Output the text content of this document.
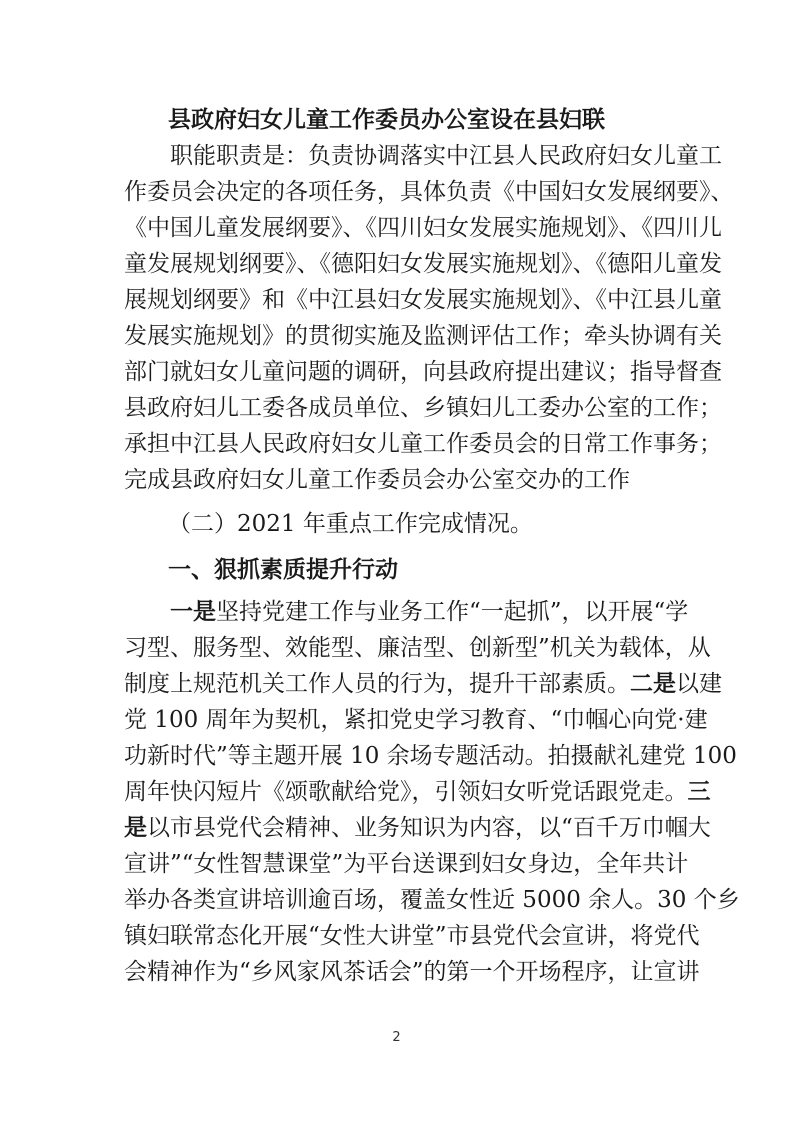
县政府妇女儿童工作委员办公室设在县妇联
职能职责是：负责协调落实中江县人民政府妇女儿童工
作委员会决定的各项任务，具体负责《中国妇女发展纲要》、
《中国儿童发展纲要》、《四川妇女发展实施规划》、《四川儿
童发展规划纲要》、《德阳妇女发展实施规划》、《德阳儿童发
展规划纲要》和《中江县妇女发展实施规划》、《中江县儿童
发展实施规划》的贯彻实施及监测评估工作；牵头协调有关
部门就妇女儿童问题的调研，向县政府提出建议；指导督查
县政府妇儿工委各成员单位、乡镇妇儿工委办公室的工作；
承担中江县人民政府妇女儿童工作委员会的日常工作事务；
完成县政府妇女儿童工作委员会办公室交办的工作
（二）2021 年重点工作完成情况。
一、狠抓素质提升行动
一是坚持党建工作与业务工作“一起抓”，以开展“学
习型、服务型、效能型、廉洁型、创新型”机关为载体，从
制度上规范机关工作人员的行为，提升干部素质。二是以建
党 100 周年为契机，紧扣党史学习教育、“巾帼心向党·建
功新时代”等主题开展 10 余场专题活动。拍摄献礼建党 100
周年快闪短片《颂歌献给党》，引领妇女听党话跟党走。三
是以市县党代会精神、业务知识为内容，以“百千万巾帼大
宣讲”“女性智慧课堂”为平台送课到妇女身边，全年共计
举办各类宣讲培训逾百场，覆盖女性近 5000 余人。30 个乡
镇妇联常态化开展“女性大讲堂”市县党代会宣讲，将党代
会精神作为“乡风家风茶话会”的第一个开场程序，让宣讲
2
